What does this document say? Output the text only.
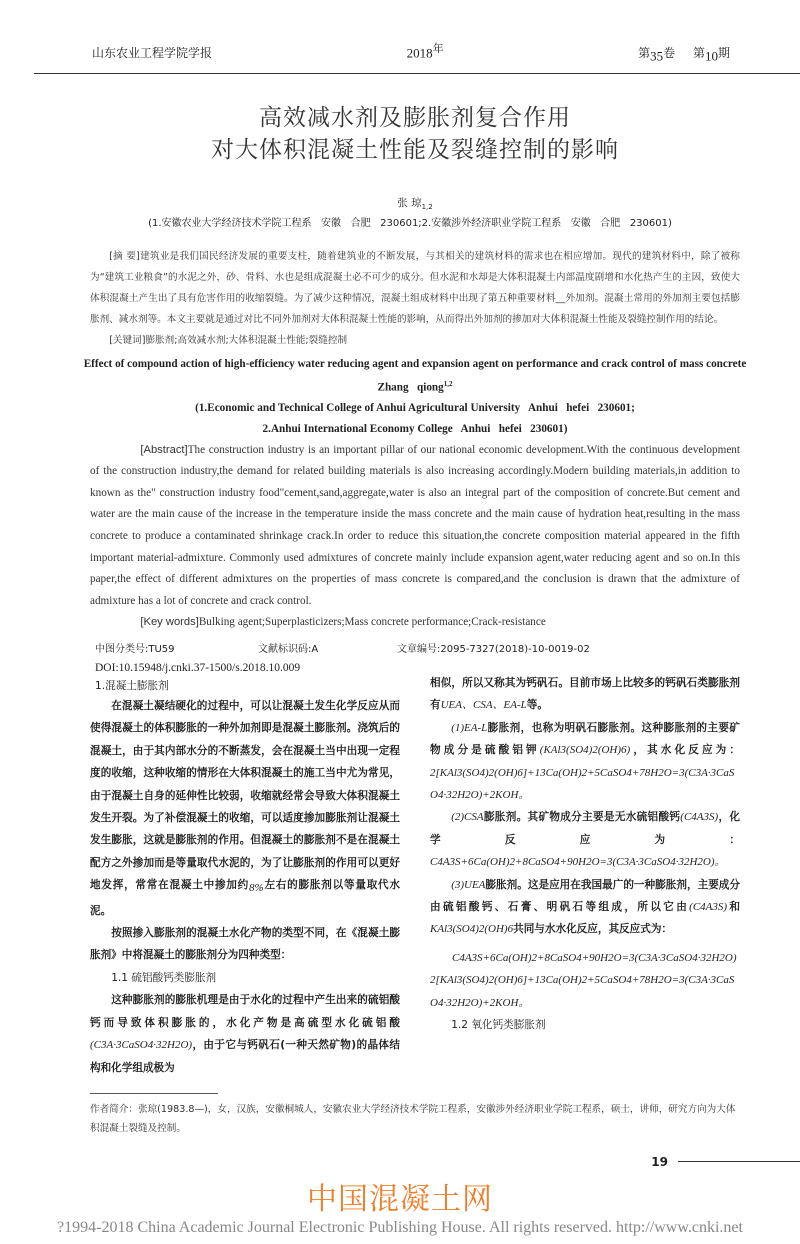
山东农业工程学院学报	$2018^年$	第$_{35}$卷 第$_{10}$期
高效减水剂及膨胀剂复合作用
对大体积混凝土性能及裂缝控制的影响
张 琼$_{1,2}$
(1.安徽农业大学经济技术学院工程系   安徽   合肥   230601;2.安徽涉外经济职业学院工程系   安徽   合肥   230601)
[摘 要]建筑业是我们国民经济发展的重要支柱，随着建筑业的不断发展，与其相关的建筑材料的需求也在相应增加。现代的建筑材料中，除了被称为“建筑工业粮食”的水泥之外，砂、骨料、水也是组成混凝土必不可少的成分。但水泥和水却是大体积混凝土内部温度剧增和水化热产生的主因，致使大体积混凝土产生出了具有危害作用的收缩裂缝。为了减少这种情况，混凝土组成材料中出现了第五种重要材料__外加剂。混凝土常用的外加剂主要包括膨胀剂、减水剂等。本文主要就是通过对比不同外加剂对大体积混凝土性能的影响，从而得出外加剂的掺加对大体积混凝土性能及裂缝控制作用的结论。
[关键词]膨胀剂;高效减水剂;大体积混凝土性能;裂缝控制
Effect of compound action of high-efficiency water reducing agent and expansion agent on performance and crack control of mass concrete
Zhang   qiong$^{1,2}$
(1.Economic and Technical College of Anhui Agricultural University   Anhui   hefei   230601;
2.Anhui International Economy College   Anhui   hefei   230601)
[Abstract]The construction industry is an important pillar of our national economic development.With the continuous development of the construction industry,the demand for related building materials is also increasing accordingly.Modern building materials,in addition to known as the" construction industry food"cement,sand,aggregate,water is also an integral part of the composition of concrete.But cement and water are the main cause of the increase in the temperature inside the mass concrete and the main cause of hydration heat,resulting in the mass concrete to produce a contaminated shrinkage crack.In order to reduce this situation,the concrete composition material appeared in the fifth important material-admixture. Commonly used admixtures of concrete mainly include expansion agent,water reducing agent and so on.In this paper,the effect of different admixtures on the properties of mass concrete is compared,and the conclusion is drawn that the admixture of admixture has a lot of concrete and crack control.
[Key words]Bulking agent;Superplasticizers;Mass concrete performance;Crack-resistance
中图分类号:TU59	文献标识码:A	文章编号:2095-7327(2018)-10-0019-02
DOI:10.15948/j.cnki.37-1500/s.2018.10.009
1.混凝土膨胀剂
在混凝土凝结硬化的过程中，可以让混凝土发生化学反应从而使得混凝土的体积膨胀的一种外加剂即是混凝土膨胀剂。浇筑后的混凝土，由于其内部水分的不断蒸发，会在混凝土当中出现一定程度的收缩，这种收缩的情形在大体积混凝土的施工当中尤为常见，由于混凝土自身的延伸性比较弱，收缩就经常会导致大体积混凝土发生开裂。为了补偿混凝土的收缩，可以适度掺加膨胀剂让混凝土发生膨胀，这就是膨胀剂的作用。但混凝土的膨胀剂不是在混凝土配方之外掺加而是等量取代水泥的，为了让膨胀剂的作用可以更好地发挥，常常在混凝土中掺加约$_{8\%}$左右的膨胀剂以等量取代水泥。
按照掺入膨胀剂的混凝土水化产物的类型不同，在《混凝土膨胀剂》中将混凝土的膨胀剂分为四种类型：
1.1 硫铝酸钙类膨胀剂
这种膨胀剂的膨胀机理是由于水化的过程中产生出来的硫铝酸钙而导致体积膨胀的，水化产物是高硫型水化硫铝酸(C3A·3CaSO4·32H2O)，由于它与钙矾石(一种天然矿物)的晶体结构和化学组成极为
相似，所以又称其为钙矾石。目前市场上比较多的钙矾石类膨胀剂有UEA、CSA、EA-L等。
(1)EA-L膨胀剂，也称为明矾石膨胀剂。这种膨胀剂的主要矿物成分是硫酸铝钾(KAl3(SO4)2(OH)6)，其水化反应为：2[KAl3(SO4)2(OH)6]+13Ca(OH)2+5CaSO4+78H2O=3(C3A·3CaSO4·32H2O)+2KOH。
(2)CSA膨胀剂。其矿物成分主要是无水硫铝酸钙(C4A3S)，化学反应为：C4A3S+6Ca(OH)2+8CaSO4+90H2O=3(C3A·3CaSO4·32H2O)。
(3)UEA膨胀剂。这是应用在我国最广的一种膨胀剂，主要成分由硫铝酸钙、石膏、明矾石等组成，所以它由(C4A3S)和KAl3(SO4)2(OH)6共同与水水化反应，其反应式为：
C4A3S+6Ca(OH)2+8CaSO4+90H2O=3(C3A·3CaSO4·32H2O)
2[KAl3(SO4)2(OH)6]+13Ca(OH)2+5CaSO4+78H2O=3(C3A·3CaSO4·32H2O)+2KOH。
1.2 氧化钙类膨胀剂
作者简介：张琼(1983.8—)，女，汉族，安徽桐城人，安徽农业大学经济技术学院工程系，安徽涉外经济职业学院工程系，硕士，讲师，研究方向为大体积混凝土裂缝及控制。
19
中国混凝土网
?1994-2018 China Academic Journal Electronic Publishing House. All rights reserved. http://www.cnki.net
